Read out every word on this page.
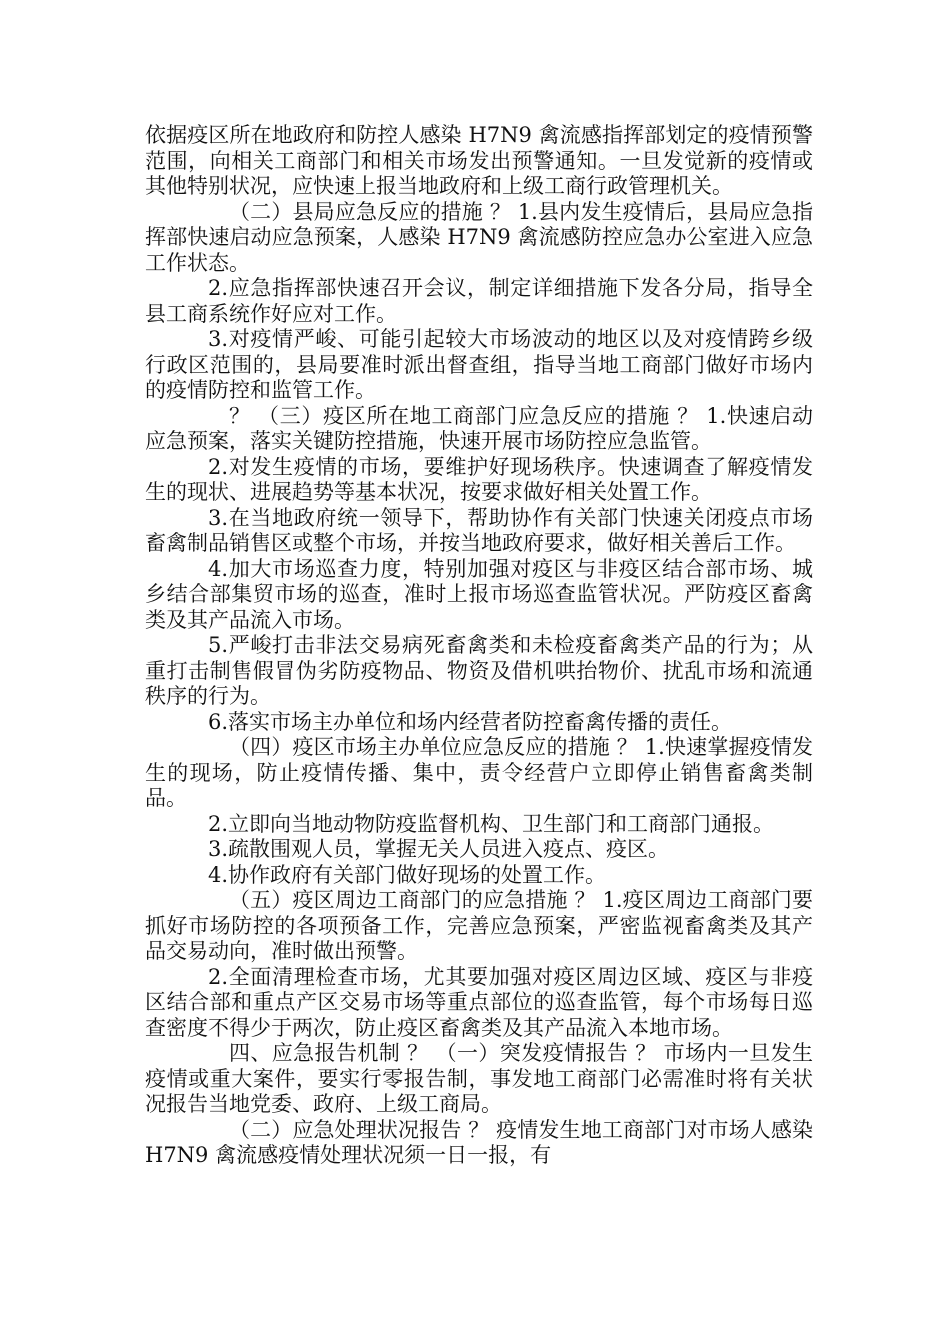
依据疫区所在地政府和防控人感染 H7N9 禽流感指挥部划定的疫情预警范围，向相关工商部门和相关市场发出预警通知。一旦发觉新的疫情或其他特别状况，应快速上报当地政府和上级工商行政管理机关。

（二）县局应急反应的措施 ？ 1.县内发生疫情后，县局应急指挥部快速启动应急预案，人感染 H7N9 禽流感防控应急办公室进入应急工作状态。

2.应急指挥部快速召开会议，制定详细措施下发各分局，指导全县工商系统作好应对工作。

3.对疫情严峻、可能引起较大市场波动的地区以及对疫情跨乡级行政区范围的，县局要准时派出督查组，指导当地工商部门做好市场内的疫情防控和监管工作。

？ （三）疫区所在地工商部门应急反应的措施 ？ 1.快速启动应急预案，落实关键防控措施，快速开展市场防控应急监管。

2.对发生疫情的市场，要维护好现场秩序。快速调查了解疫情发生的现状、进展趋势等基本状况，按要求做好相关处置工作。

3.在当地政府统一领导下，帮助协作有关部门快速关闭疫点市场畜禽制品销售区或整个市场，并按当地政府要求，做好相关善后工作。

4.加大市场巡查力度，特别加强对疫区与非疫区结合部市场、城乡结合部集贸市场的巡查，准时上报市场巡查监管状况。严防疫区畜禽类及其产品流入市场。

5.严峻打击非法交易病死畜禽类和未检疫畜禽类产品的行为；从重打击制售假冒伪劣防疫物品、物资及借机哄抬物价、扰乱市场和流通秩序的行为。

6.落实市场主办单位和场内经营者防控畜禽传播的责任。

（四）疫区市场主办单位应急反应的措施 ？ 1.快速掌握疫情发生的现场，防止疫情传播、集中，责令经营户立即停止销售畜禽类制品。

2.立即向当地动物防疫监督机构、卫生部门和工商部门通报。

3.疏散围观人员，掌握无关人员进入疫点、疫区。

4.协作政府有关部门做好现场的处置工作。

（五）疫区周边工商部门的应急措施 ？ 1.疫区周边工商部门要抓好市场防控的各项预备工作，完善应急预案，严密监视畜禽类及其产品交易动向，准时做出预警。

2.全面清理检查市场，尤其要加强对疫区周边区域、疫区与非疫区结合部和重点产区交易市场等重点部位的巡查监管，每个市场每日巡查密度不得少于两次，防止疫区畜禽类及其产品流入本地市场。

四、应急报告机制 ？ （一）突发疫情报告 ？ 市场内一旦发生疫情或重大案件，要实行零报告制，事发地工商部门必需准时将有关状况报告当地党委、政府、上级工商局。

（二）应急处理状况报告 ？ 疫情发生地工商部门对市场人感染 H7N9 禽流感疫情处理状况须一日一报，有
